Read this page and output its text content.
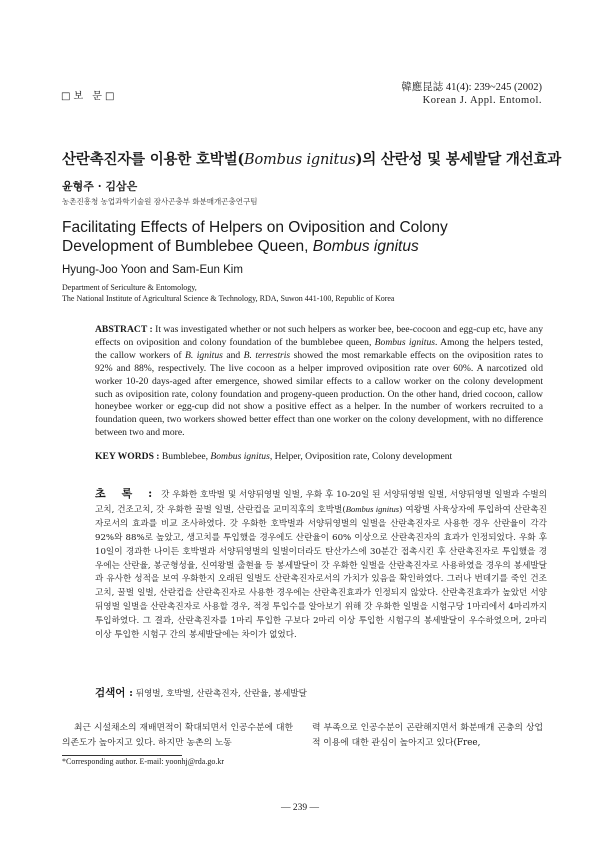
□보 문□
韓應昆誌 41(4): 239~245 (2002)
Korean J. Appl. Entomol.
산란촉진자를 이용한 호박벌(Bombus ignitus)의 산란성 및 봉세발달 개선효과
윤형주 · 김삼은
농촌진흥청 농업과학기술원 잠사곤충부 화분매개곤충연구팀
Facilitating Effects of Helpers on Oviposition and Colony Development of Bumblebee Queen, Bombus ignitus
Hyung-Joo Yoon and Sam-Eun Kim
Department of Sericulture & Entomology,
The National Institute of Agricultural Science & Technology, RDA, Suwon 441-100, Republic of Korea
ABSTRACT : It was investigated whether or not such helpers as worker bee, bee-cocoon and egg-cup etc, have any effects on oviposition and colony foundation of the bumblebee queen, Bombus ignitus. Among the helpers tested, the callow workers of B. ignitus and B. terrestris showed the most remarkable effects on the oviposition rates to 92% and 88%, respectively. The live cocoon as a helper improved oviposition rate over 60%. A narcotized old worker 10-20 days-aged after emergence, showed similar effects to a callow worker on the colony development such as oviposition rate, colony foundation and progeny-queen production. On the other hand, dried cocoon, callow honeybee worker or egg-cup did not show a positive effect as a helper. In the number of workers recruited to a foundation queen, two workers showed better effect than one worker on the colony development, with no difference between two and more.
KEY WORDS : Bumblebee, Bombus ignitus, Helper, Oviposition rate, Colony development
초 록 : 갓 우화한 호박벌 및 서양뒤영벌 일벌, 우화 후 10-20일 된 서양뒤영벌 일벌, 서양뒤영벌 일벌과 수벌의 고치, 건조고치, 갓 우화한 꿀벌 일벌, 산란컵을 교미직후의 호박벌(Bombus ignitus) 여왕벌 사육상자에 투입하여 산란촉진자로서의 효과를 비교 조사하였다. 갓 우화한 호박벌과 서양뒤영벌의 일벌을 산란촉진자로 사용한 경우 산란율이 각각 92%와 88%로 높았고, 생고치를 투입했을 경우에도 산란율이 60% 이상으로 산란촉진자의 효과가 인정되었다. 우화 후 10일이 경과한 나이든 호박벌과 서양뒤영벌의 일벌이더라도 탄산가스에 30분간 접촉시킨 후 산란촉진자로 투입했을 경우에는 산란율, 봉군형성율, 신여왕벌 출현율 등 봉세발달이 갓 우화한 일벌을 산란촉진자로 사용하였을 경우의 봉세발달과 유사한 성적을 보여 우화한지 오래된 일벌도 산란촉진자로서의 가치가 있음을 확인하였다. 그러나 번데기를 죽인 건조고치, 꿀벌 일벌, 산란컵을 산란촉진자로 사용한 경우에는 산란촉진효과가 인정되지 않았다. 산란촉진효과가 높았던 서양뒤영벌 일벌을 산란촉진자로 사용할 경우, 적정 투입수를 알아보기 위해 갓 우화한 일벌을 시험구당 1마리에서 4마리까지 투입하였다. 그 결과, 산란촉진자를 1마리 투입한 구보다 2마리 이상 투입한 시험구의 봉세발달이 우수하였으며, 2마리 이상 투입한 시험구 간의 봉세발달에는 차이가 없었다.
검색어 : 뒤영벌, 호박벌, 산란촉진자, 산란율, 봉세발달
최근 시설채소의 재배면적이 확대되면서 인공수분에 대한 의존도가 높아지고 있다. 하지만 농촌의 노동
력 부족으로 인공수분이 곤란해지면서 화분매개 곤충의 상업적 이용에 대한 관심이 높아지고 있다(Free,
*Corresponding author. E-mail: yoonhj@rda.go.kr
— 239 —
